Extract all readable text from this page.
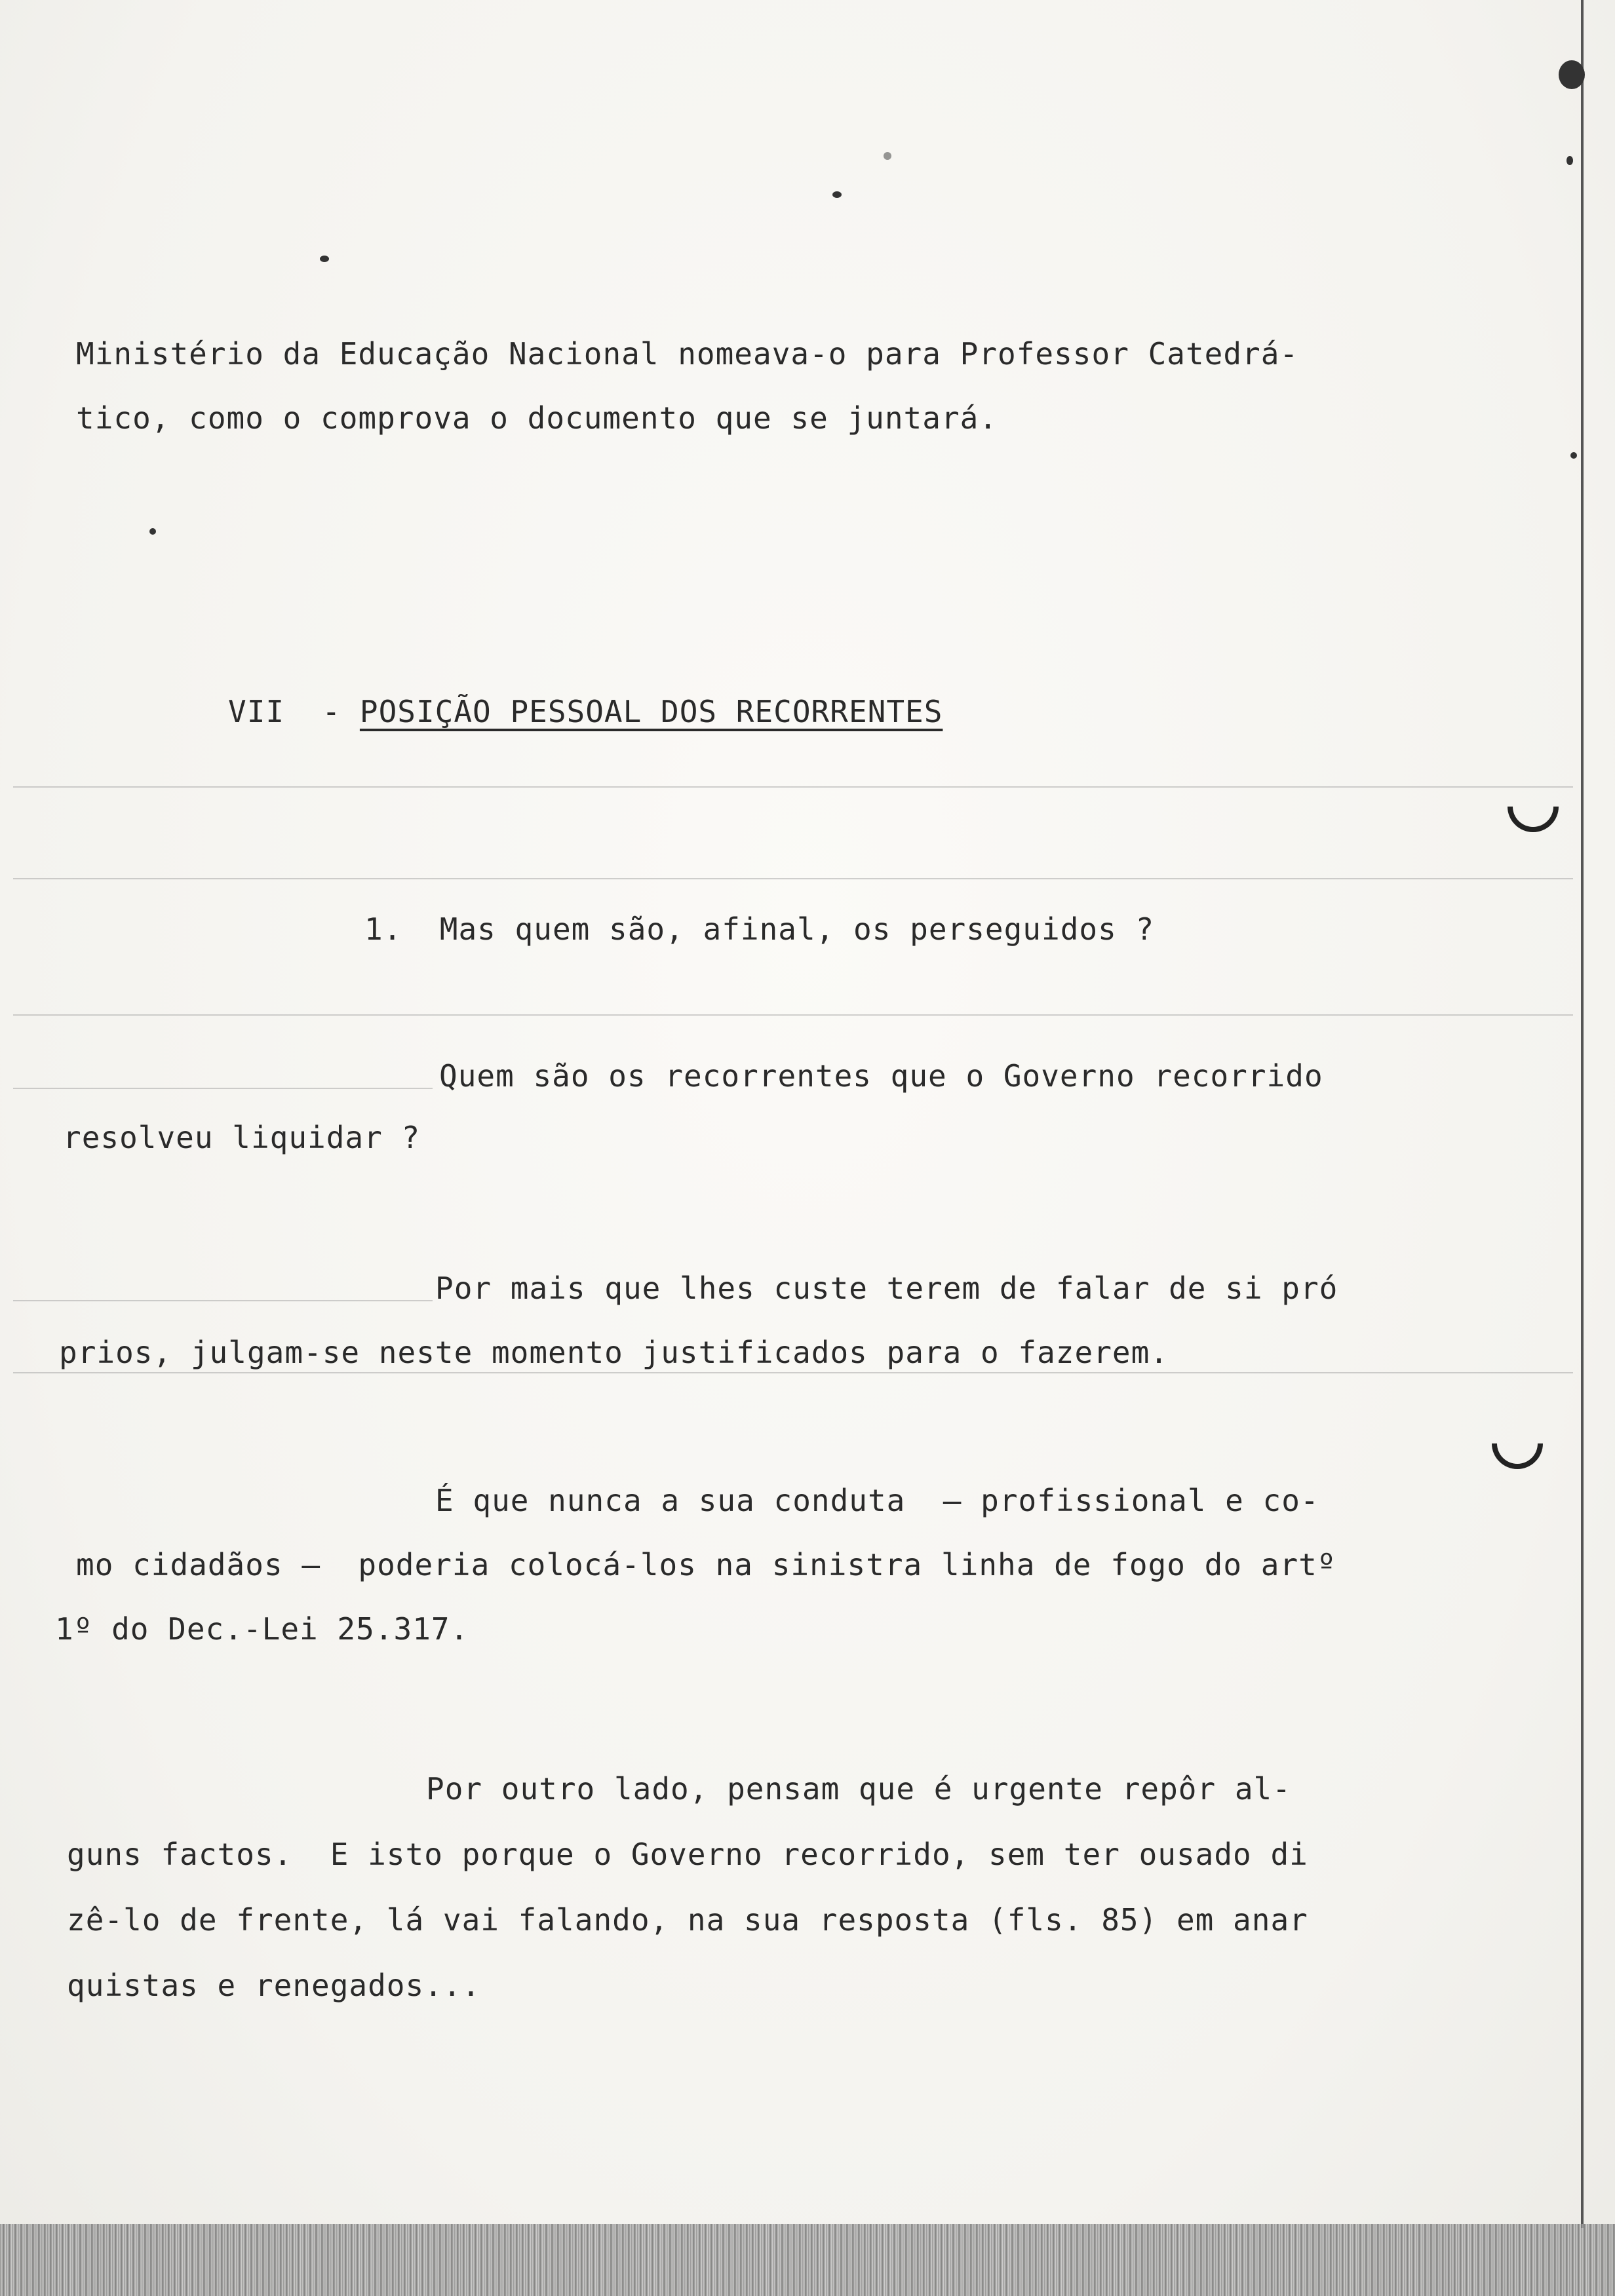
Ministério da Educação Nacional nomeava-o para Professor Catedrá-
tico, como o comprova o documento que se juntará.
VII - POSIÇÃO PESSOAL DOS RECORRENTES
1.  Mas quem são, afinal, os perseguidos ?
Quem são os recorrentes que o Governo recorrido
resolveu liquidar ?
Por mais que lhes custe terem de falar de si pró
prios, julgam-se neste momento justificados para o fazerem.
É que nunca a sua conduta  – profissional e co-
mo cidadãos –  poderia colocá-los na sinistra linha de fogo do artº
1º do Dec.-Lei 25.317.
Por outro lado, pensam que é urgente repôr al-
guns factos.  E isto porque o Governo recorrido, sem ter ousado di
zê-lo de frente, lá vai falando, na sua resposta (fls. 85) em anar
quistas e renegados...
